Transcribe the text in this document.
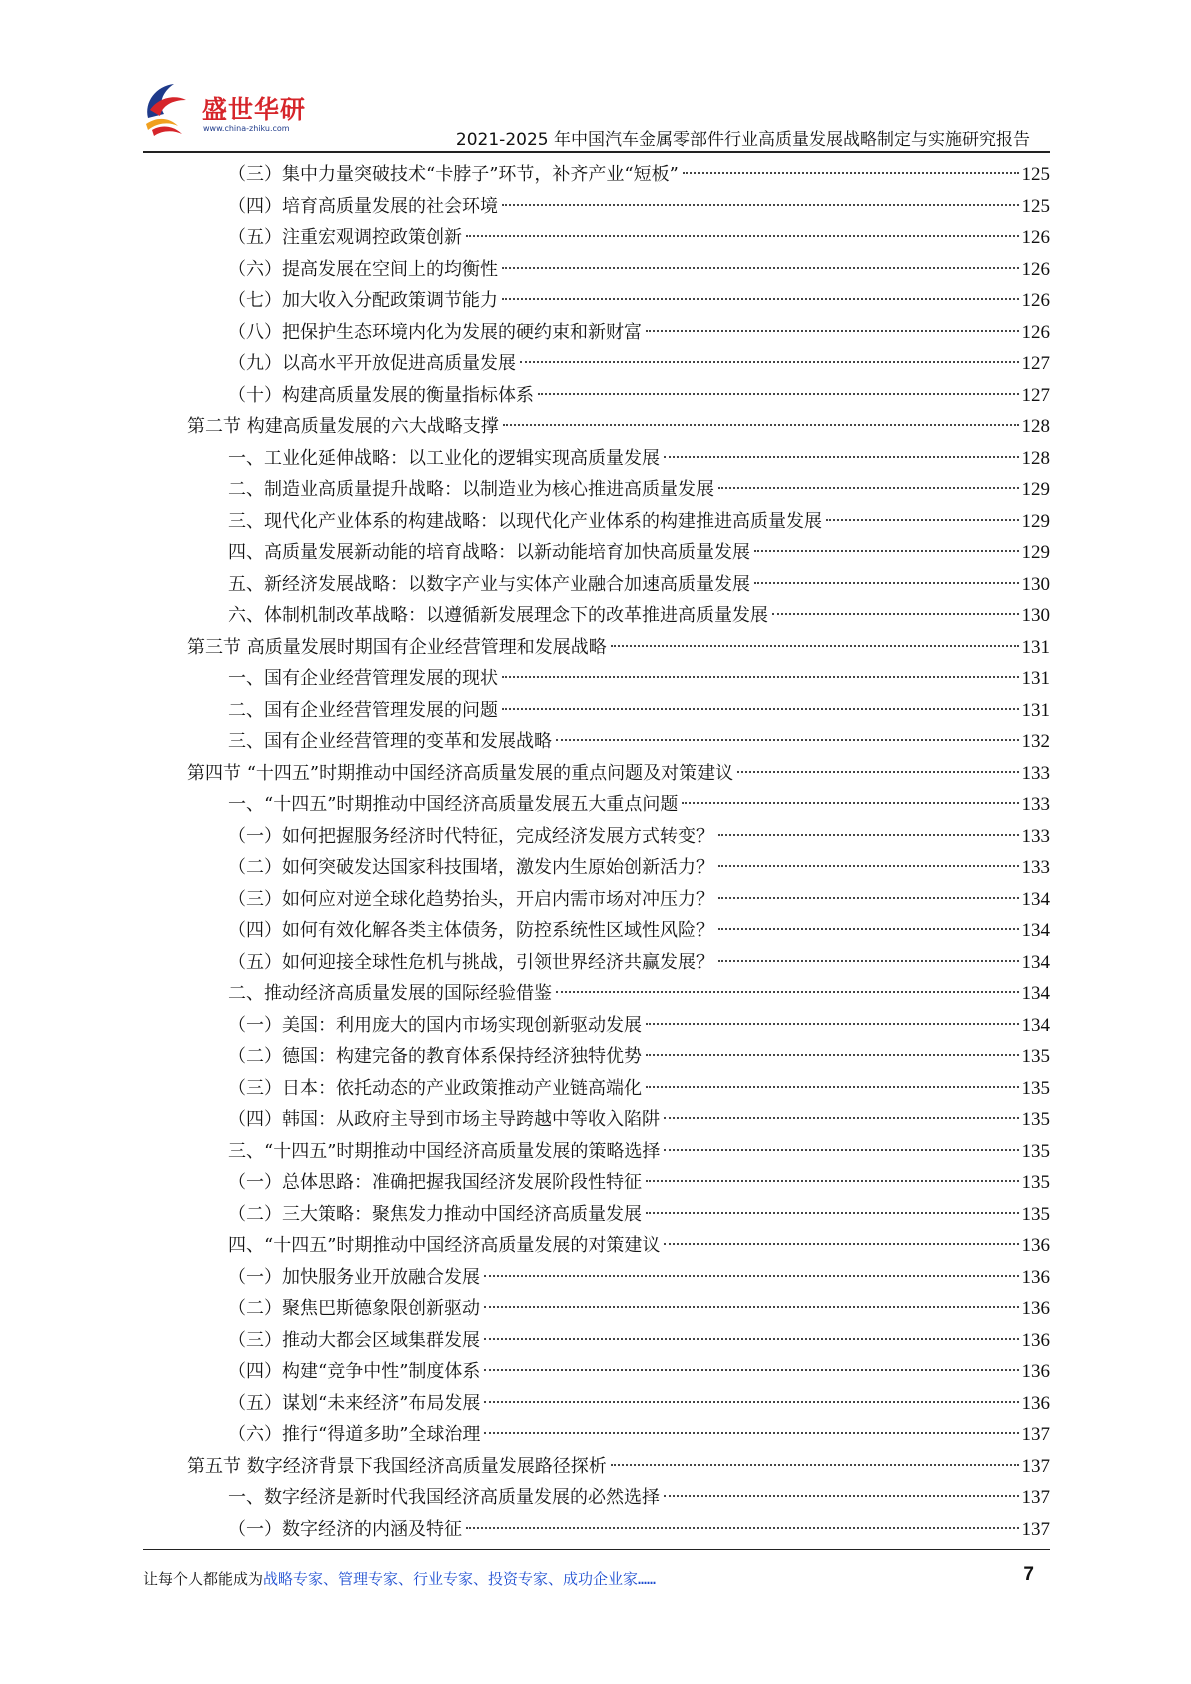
盛世华研
www.china-zhiku.com
2021-2025 年中国汽车金属零部件行业高质量发展战略制定与实施研究报告
（三）集中力量突破技术“卡脖子”环节，补齐产业“短板”	125
（四）培育高质量发展的社会环境	125
（五）注重宏观调控政策创新	126
（六）提高发展在空间上的均衡性	126
（七）加大收入分配政策调节能力	126
（八）把保护生态环境内化为发展的硬约束和新财富	126
（九）以高水平开放促进高质量发展	127
（十）构建高质量发展的衡量指标体系	127
第二节 构建高质量发展的六大战略支撑	128
一、工业化延伸战略：以工业化的逻辑实现高质量发展	128
二、制造业高质量提升战略：以制造业为核心推进高质量发展	129
三、现代化产业体系的构建战略：以现代化产业体系的构建推进高质量发展	129
四、高质量发展新动能的培育战略：以新动能培育加快高质量发展	129
五、新经济发展战略：以数字产业与实体产业融合加速高质量发展	130
六、体制机制改革战略：以遵循新发展理念下的改革推进高质量发展	130
第三节 高质量发展时期国有企业经营管理和发展战略	131
一、国有企业经营管理发展的现状	131
二、国有企业经营管理发展的问题	131
三、国有企业经营管理的变革和发展战略	132
第四节 “十四五”时期推动中国经济高质量发展的重点问题及对策建议	133
一、“十四五”时期推动中国经济高质量发展五大重点问题	133
（一）如何把握服务经济时代特征，完成经济发展方式转变？	133
（二）如何突破发达国家科技围堵，激发内生原始创新活力？	133
（三）如何应对逆全球化趋势抬头，开启内需市场对冲压力？	134
（四）如何有效化解各类主体债务，防控系统性区域性风险？	134
（五）如何迎接全球性危机与挑战，引领世界经济共赢发展？	134
二、推动经济高质量发展的国际经验借鉴	134
（一）美国：利用庞大的国内市场实现创新驱动发展	134
（二）德国：构建完备的教育体系保持经济独特优势	135
（三）日本：依托动态的产业政策推动产业链高端化	135
（四）韩国：从政府主导到市场主导跨越中等收入陷阱	135
三、“十四五”时期推动中国经济高质量发展的策略选择	135
（一）总体思路：准确把握我国经济发展阶段性特征	135
（二）三大策略：聚焦发力推动中国经济高质量发展	135
四、“十四五”时期推动中国经济高质量发展的对策建议	136
（一）加快服务业开放融合发展	136
（二）聚焦巴斯德象限创新驱动	136
（三）推动大都会区域集群发展	136
（四）构建“竞争中性”制度体系	136
（五）谋划“未来经济”布局发展	136
（六）推行“得道多助”全球治理	137
第五节 数字经济背景下我国经济高质量发展路径探析	137
一、数字经济是新时代我国经济高质量发展的必然选择	137
（一）数字经济的内涵及特征	137
让每个人都能成为战略专家、管理专家、行业专家、投资专家、成功企业家……	7
